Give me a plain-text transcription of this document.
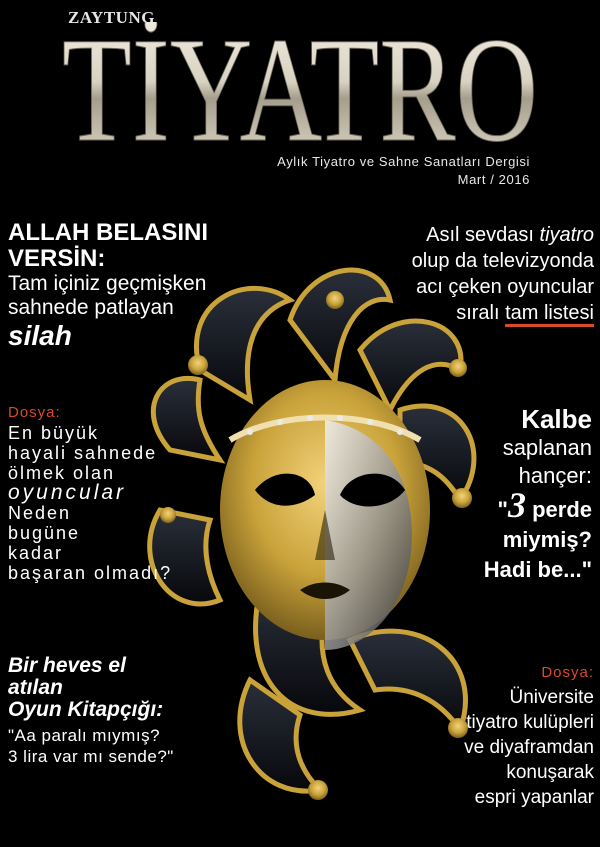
ZAYTUNG
TİYATRO
Aylık Tiyatro ve Sahne Sanatları Dergisi
Mart / 2016
ALLAH BELASINI
VERSİN:
Tam içiniz geçmişken
sahnede patlayan
silah
Asıl sevdası tiyatro
olup da televizyonda
acı çeken oyuncular
sıralı tam listesi
Dosya:
En büyük
hayali sahnede
ölmek olan
oyuncular
Neden
bugüne
kadar
başaran olmadı?
Kalbe
saplanan
hançer:
"3 perde
miymiş?
Hadi be..."
Bir heves el
atılan
Oyun Kitapçığı:
"Aa paralı mıymış?
3 lira var mı sende?"
Dosya:
Üniversite
tiyatro kulüpleri
ve diyaframdan
konuşarak
espri yapanlar
